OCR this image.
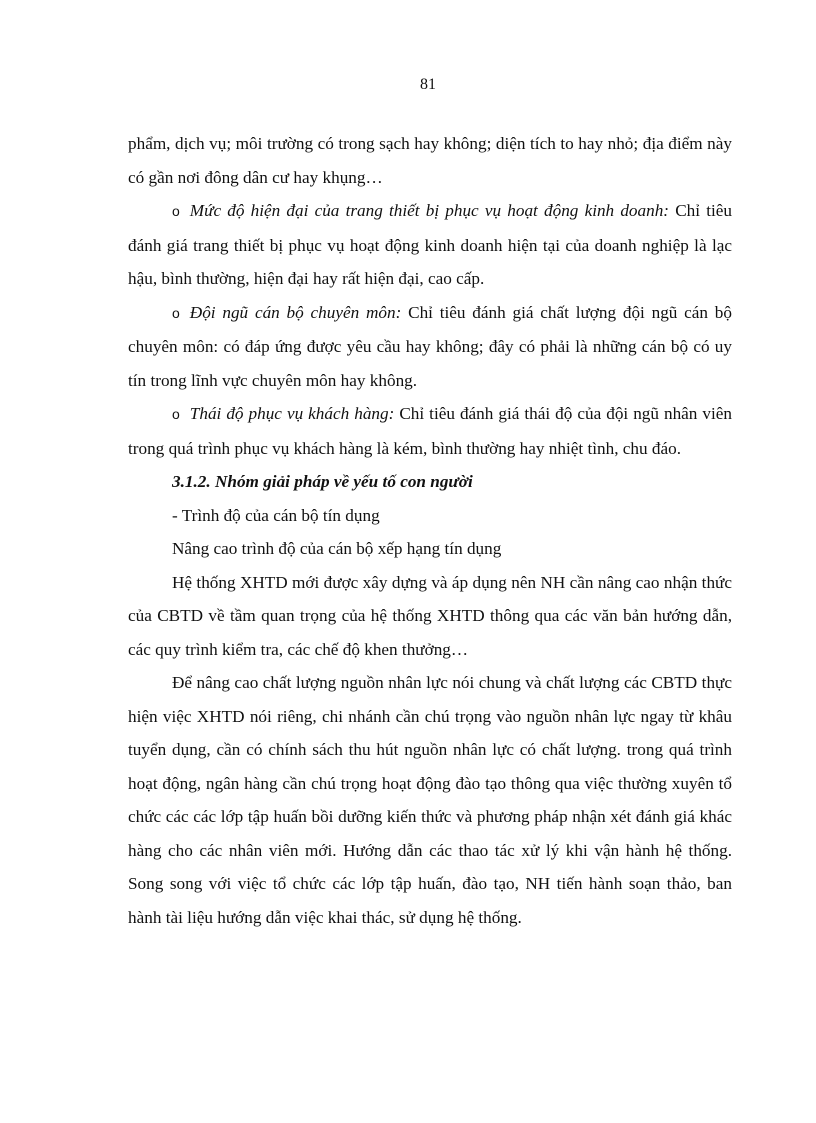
81

phẩm, dịch vụ; môi trường có trong sạch hay không; diện tích to hay nhỏ; địa điểm này có gần nơi đông dân cư hay khụng…

o Mức độ hiện đại của trang thiết bị phục vụ hoạt động kinh doanh: Chỉ tiêu đánh giá trang thiết bị phục vụ hoạt động kinh doanh hiện tại của doanh nghiệp là lạc hậu, bình thường, hiện đại hay rất hiện đại, cao cấp.

o Đội ngũ cán bộ chuyên môn: Chỉ tiêu đánh giá chất lượng đội ngũ cán bộ chuyên môn: có đáp ứng được yêu cầu hay không; đây có phải là những cán bộ có uy tín trong lĩnh vực chuyên môn hay không.

o Thái độ phục vụ khách hàng: Chỉ tiêu đánh giá thái độ của đội ngũ nhân viên trong quá trình phục vụ khách hàng là kém, bình thường hay nhiệt tình, chu đáo.

3.1.2. Nhóm giải pháp về yếu tố con người

- Trình độ của cán bộ tín dụng

Nâng cao trình độ của cán bộ xếp hạng tín dụng

Hệ thống XHTD mới được xây dựng và áp dụng nên NH cần nâng cao nhận thức của CBTD về tầm quan trọng của hệ thống XHTD thông qua các văn bản hướng dẫn, các quy trình kiểm tra, các chế độ khen thưởng…

Để nâng cao chất lượng nguồn nhân lực nói chung và chất lượng các CBTD thực hiện việc XHTD nói riêng, chi nhánh cần chú trọng vào nguồn nhân lực ngay từ khâu tuyển dụng, cần có chính sách thu hút nguồn nhân lực có chất lượng. trong quá trình hoạt động, ngân hàng cần chú trọng hoạt động đào tạo thông qua việc thường xuyên tổ chức các các lớp tập huấn bồi dưỡng kiến thức và phương pháp nhận xét đánh giá khác hàng cho các nhân viên mới. Hướng dẫn các thao tác xử lý khi vận hành hệ thống. Song song với việc tổ chức các lớp tập huấn, đào tạo, NH tiến hành soạn thảo, ban hành tài liệu hướng dẫn việc khai thác, sử dụng hệ thống.
